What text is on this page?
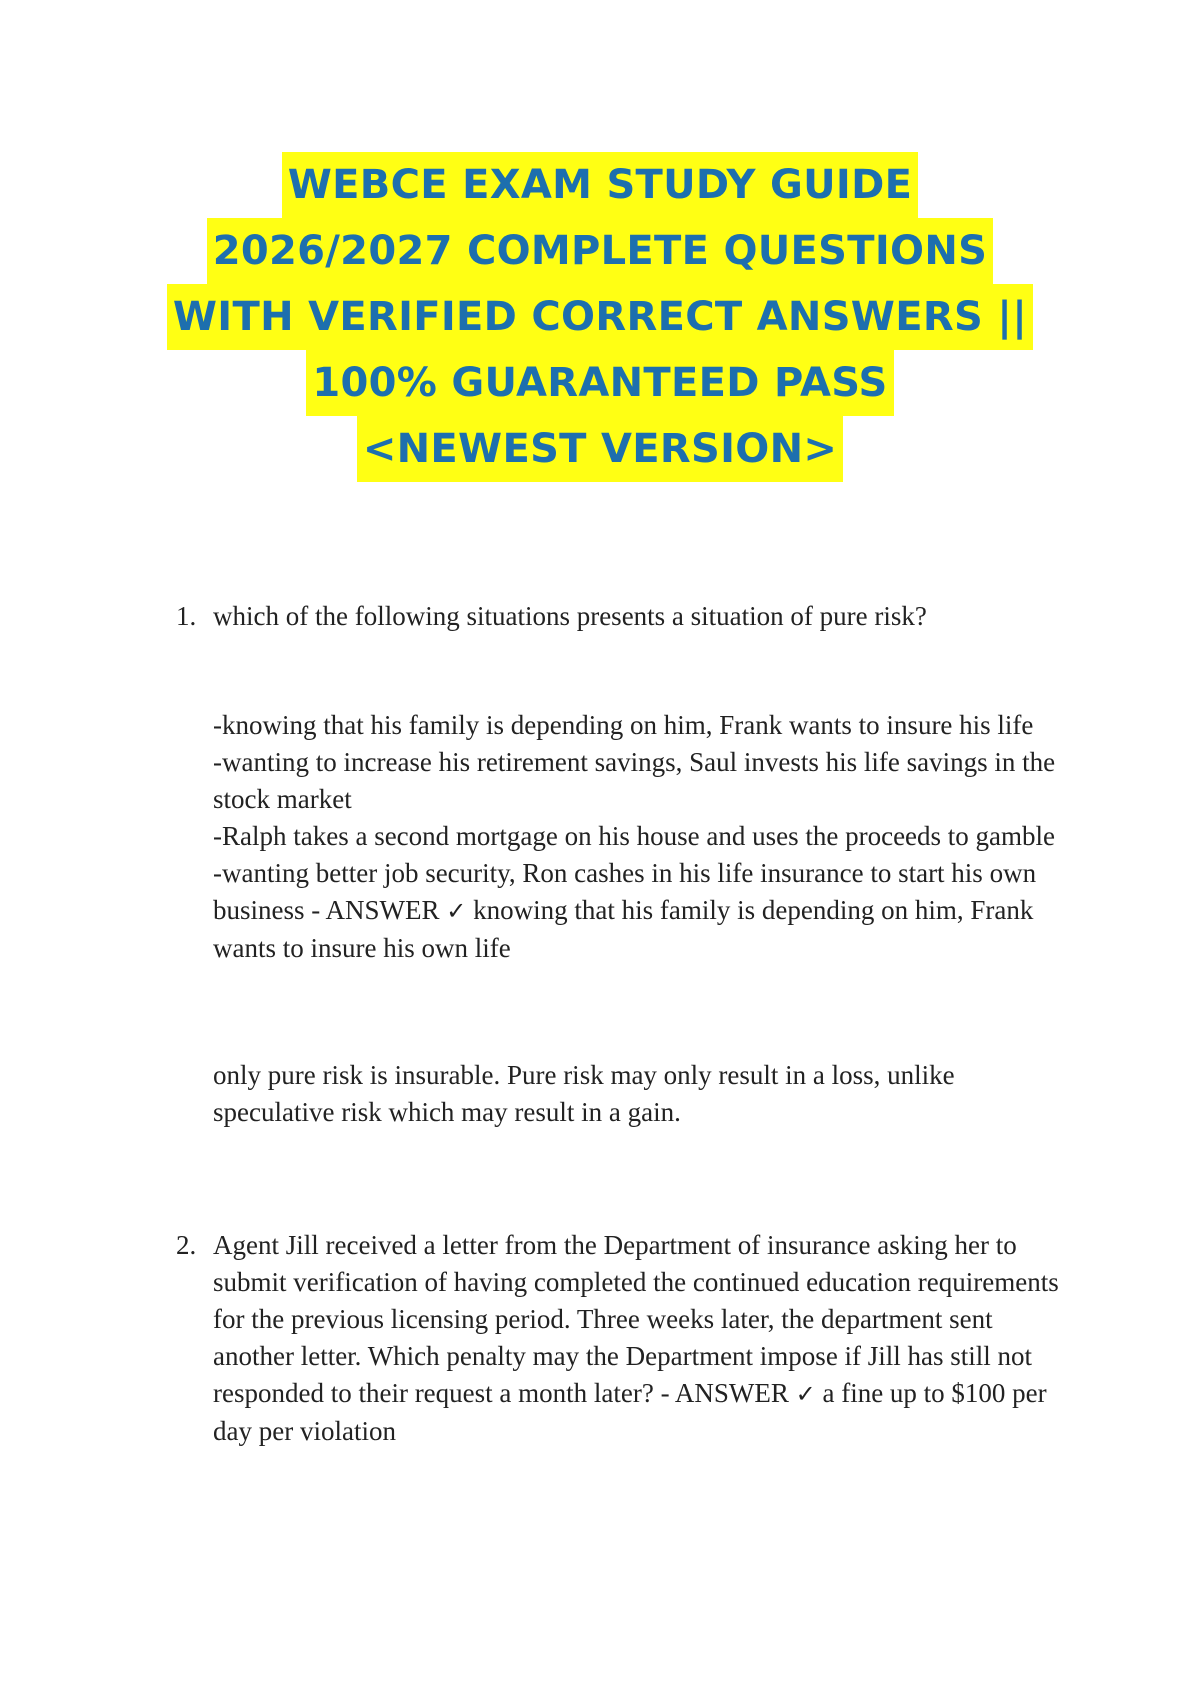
WEBCE EXAM STUDY GUIDE
2026/2027 COMPLETE QUESTIONS
WITH VERIFIED CORRECT ANSWERS ||
100% GUARANTEED PASS
<NEWEST VERSION>
1. which of the following situations presents a situation of pure risk?
-knowing that his family is depending on him, Frank wants to insure his life
-wanting to increase his retirement savings, Saul invests his life savings in the stock market
-Ralph takes a second mortgage on his house and uses the proceeds to gamble
-wanting better job security, Ron cashes in his life insurance to start his own business - ANSWER ✓ knowing that his family is depending on him, Frank wants to insure his own life
only pure risk is insurable. Pure risk may only result in a loss, unlike speculative risk which may result in a gain.
2. Agent Jill received a letter from the Department of insurance asking her to submit verification of having completed the continued education requirements for the previous licensing period. Three weeks later, the department sent another letter. Which penalty may the Department impose if Jill has still not responded to their request a month later? - ANSWER ✓ a fine up to $100 per day per violation
